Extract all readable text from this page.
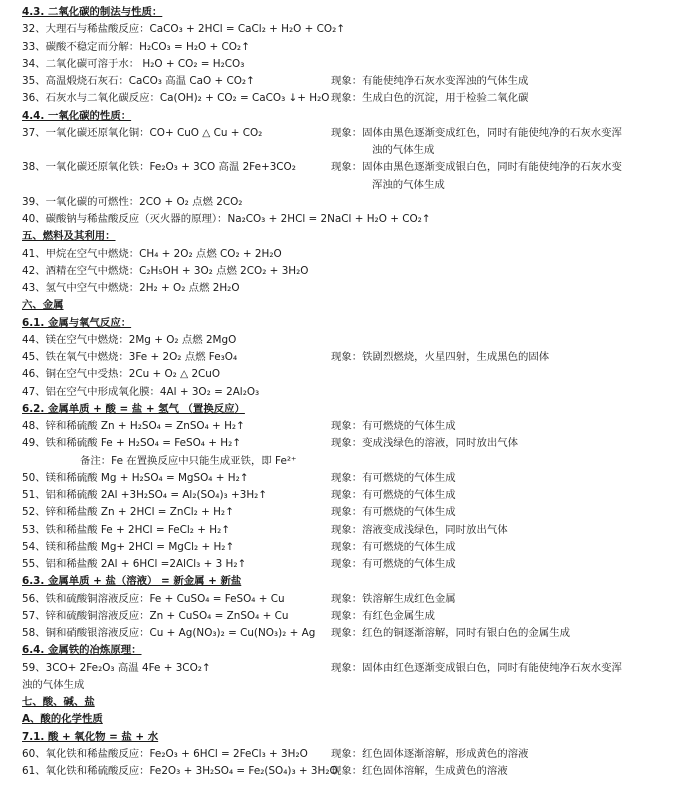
4.3. 二氧化碳的制法与性质：
32、大理石与稀盐酸反应：CaCO₃ + 2HCl = CaCl₂ + H₂O + CO₂↑
33、碳酸不稳定而分解：H₂CO₃ = H₂O + CO₂↑
34、二氧化碳可溶于水： H₂O + CO₂ = H₂CO₃
35、高温煅烧石灰石：CaCO₃ 高温 CaO + CO₂↑	现象：有能使纯净石灰水变浑浊的气体生成
36、石灰水与二氧化碳反应：Ca(OH)₂ + CO₂ = CaCO₃ ↓+ H₂O 现象：生成白色的沉淀，用于检验二氧化碳
4.4. 一氧化碳的性质：
37、一氧化碳还原氧化铜：CO+ CuO △ Cu + CO₂	现象：固体由黑色逐渐变成红色，同时有能使纯净的石灰水变浑
浊的气体生成
38、一氧化碳还原氧化铁：Fe₂O₃ + 3CO 高温 2Fe+3CO₂	现象：固体由黑色逐渐变成银白色，同时有能使纯净的石灰水变
浑浊的气体生成
39、一氧化碳的可燃性：2CO + O₂ 点燃 2CO₂
40、碳酸钠与稀盐酸反应（灭火器的原理）：Na₂CO₃ + 2HCl = 2NaCl + H₂O + CO₂↑
五、燃料及其利用：
41、甲烷在空气中燃烧：CH₄ + 2O₂ 点燃 CO₂ + 2H₂O
42、酒精在空气中燃烧：C₂H₅OH + 3O₂ 点燃 2CO₂ + 3H₂O
43、氢气中空气中燃烧：2H₂ + O₂ 点燃 2H₂O
六、金属
6.1. 金属与氧气反应：
44、镁在空气中燃烧：2Mg + O₂ 点燃 2MgO
45、铁在氧气中燃烧：3Fe + 2O₂ 点燃 Fe₃O₄	现象：铁剧烈燃烧，火星四射，生成黑色的固体
46、铜在空气中受热：2Cu + O₂ △ 2CuO
47、铝在空气中形成氧化膜：4Al + 3O₂ = 2Al₂O₃
6.2. 金属单质 + 酸 = 盐 + 氢气 （置换反应）
48、锌和稀硫酸 Zn + H₂SO₄ = ZnSO₄ + H₂↑	现象：有可燃烧的气体生成
49、铁和稀硫酸 Fe + H₂SO₄ = FeSO₄ + H₂↑	现象：变成浅绿色的溶液，同时放出气体
备注：Fe 在置换反应中只能生成亚铁，即 Fe²⁺
50、镁和稀硫酸 Mg + H₂SO₄ = MgSO₄ + H₂↑	现象：有可燃烧的气体生成
51、铝和稀硫酸 2Al +3H₂SO₄ = Al₂(SO₄)₃ +3H₂↑	现象：有可燃烧的气体生成
52、锌和稀盐酸 Zn + 2HCl = ZnCl₂ + H₂↑	现象：有可燃烧的气体生成
53、铁和稀盐酸 Fe + 2HCl = FeCl₂ + H₂↑	现象：溶液变成浅绿色，同时放出气体
54、镁和稀盐酸 Mg+ 2HCl = MgCl₂ + H₂↑	现象：有可燃烧的气体生成
55、铝和稀盐酸 2Al + 6HCl =2AlCl₃ + 3 H₂↑	现象：有可燃烧的气体生成
6.3. 金属单质 + 盐（溶液） = 新金属 + 新盐
56、铁和硫酸铜溶液反应：Fe + CuSO₄ = FeSO₄ + Cu	现象：铁溶解生成红色金属
57、锌和硫酸铜溶液反应：Zn + CuSO₄ = ZnSO₄ + Cu	现象：有红色金属生成
58、铜和硝酸银溶液反应：Cu + Ag(NO₃)₂ = Cu(NO₃)₂ + Ag 现象：红色的铜逐渐溶解，同时有银白色的金属生成
6.4. 金属铁的冶炼原理：
59、3CO+ 2Fe₂O₃ 高温 4Fe + 3CO₂↑	现象：固体由红色逐渐变成银白色，同时有能使纯净石灰水变浑
浊的气体生成
七、酸、碱、盐
A、酸的化学性质
7.1. 酸 + 氧化物 = 盐 + 水
60、氧化铁和稀盐酸反应：Fe₂O₃ + 6HCl = 2FeCl₃ + 3H₂O 现象：红色固体逐渐溶解，形成黄色的溶液
61、氧化铁和稀硫酸反应：Fe2O₃ + 3H₂SO₄ = Fe₂(SO₄)₃ + 3H₂O
现象：红色固体溶解，生成黄色的溶液
